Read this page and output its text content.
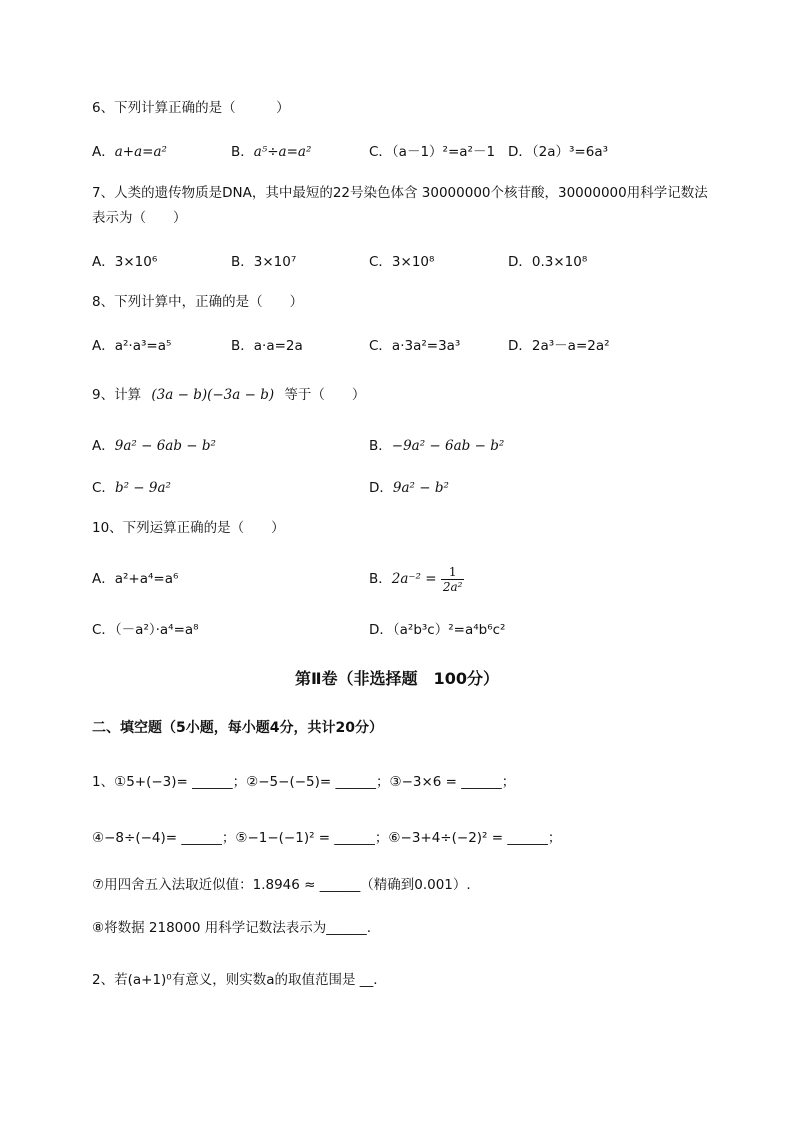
6、下列计算正确的是（　　　）
A．a+a=a²	B．a⁵÷a=a²	C．（a－1）²=a²－1 D．（2a）³=6a³
7、人类的遗传物质是DNA，其中最短的22号染色体含 30000000个核苷酸，30000000用科学记数法
表示为（　　）
A．3×10⁶	B．3×10⁷	C．3×10⁸	D．0.3×10⁸
8、下列计算中，正确的是（　　）
A．a²·a³=a⁵	B．a·a=2a	C．a·3a²=3a³	D．2a³－a=2a²
9、计算 (3a − b)(−3a − b) 等于（　　）
A．9a² − 6ab − b²	B．−9a² − 6ab − b²
C．b² − 9a²	D．9a² − b²
10、下列运算正确的是（　　）
A．a²+a⁴=a⁶	B．$2a^{-2} = \frac{1}{\text{2a²}}$
C．（－a²）·a⁴=a⁸	D．（a²b³c）²=a⁴b⁶c²
第Ⅱ卷（非选择题　100分）
二、填空题（5小题，每小题4分，共计20分）
1、①5+(−3)= ______；②−5−(−5)= ______；③−3×6 = ______；
④−8÷(−4)= ______；⑤−1−(−1)² = ______；⑥−3+4÷(−2)² = ______；
⑦用四舍五入法取近似值：1.8946 ≈ ______（精确到0.001）.
⑧将数据 218000 用科学记数法表示为______.
2、若(a+1)⁰有意义，则实数a的取值范围是 __.
